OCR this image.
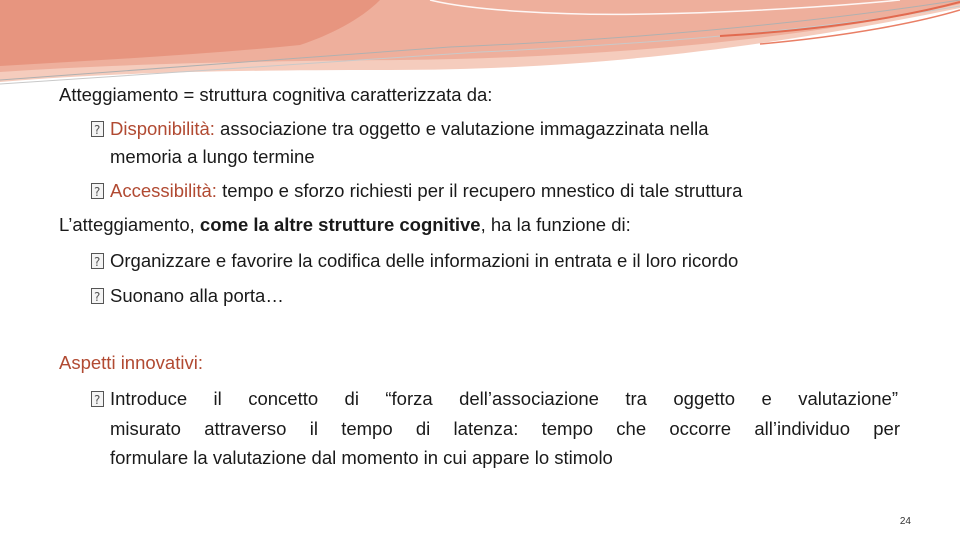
Atteggiamento = struttura cognitiva caratterizzata da:
?Disponibilità: associazione tra oggetto e valutazione immagazzinata nella
memoria a lungo termine
?Accessibilità: tempo e sforzo richiesti per il recupero mnestico di tale struttura
L’atteggiamento, come la altre strutture cognitive, ha la funzione di:
?Organizzare e favorire la codifica delle informazioni in entrata e il loro ricordo
?Suonano alla porta…
Aspetti innovativi:
?Introduce il concetto di “forza dell’associazione tra oggetto e valutazione”
misurato attraverso il tempo di latenza: tempo che occorre all’individuo per
formulare la valutazione dal momento in cui appare lo stimolo
24
